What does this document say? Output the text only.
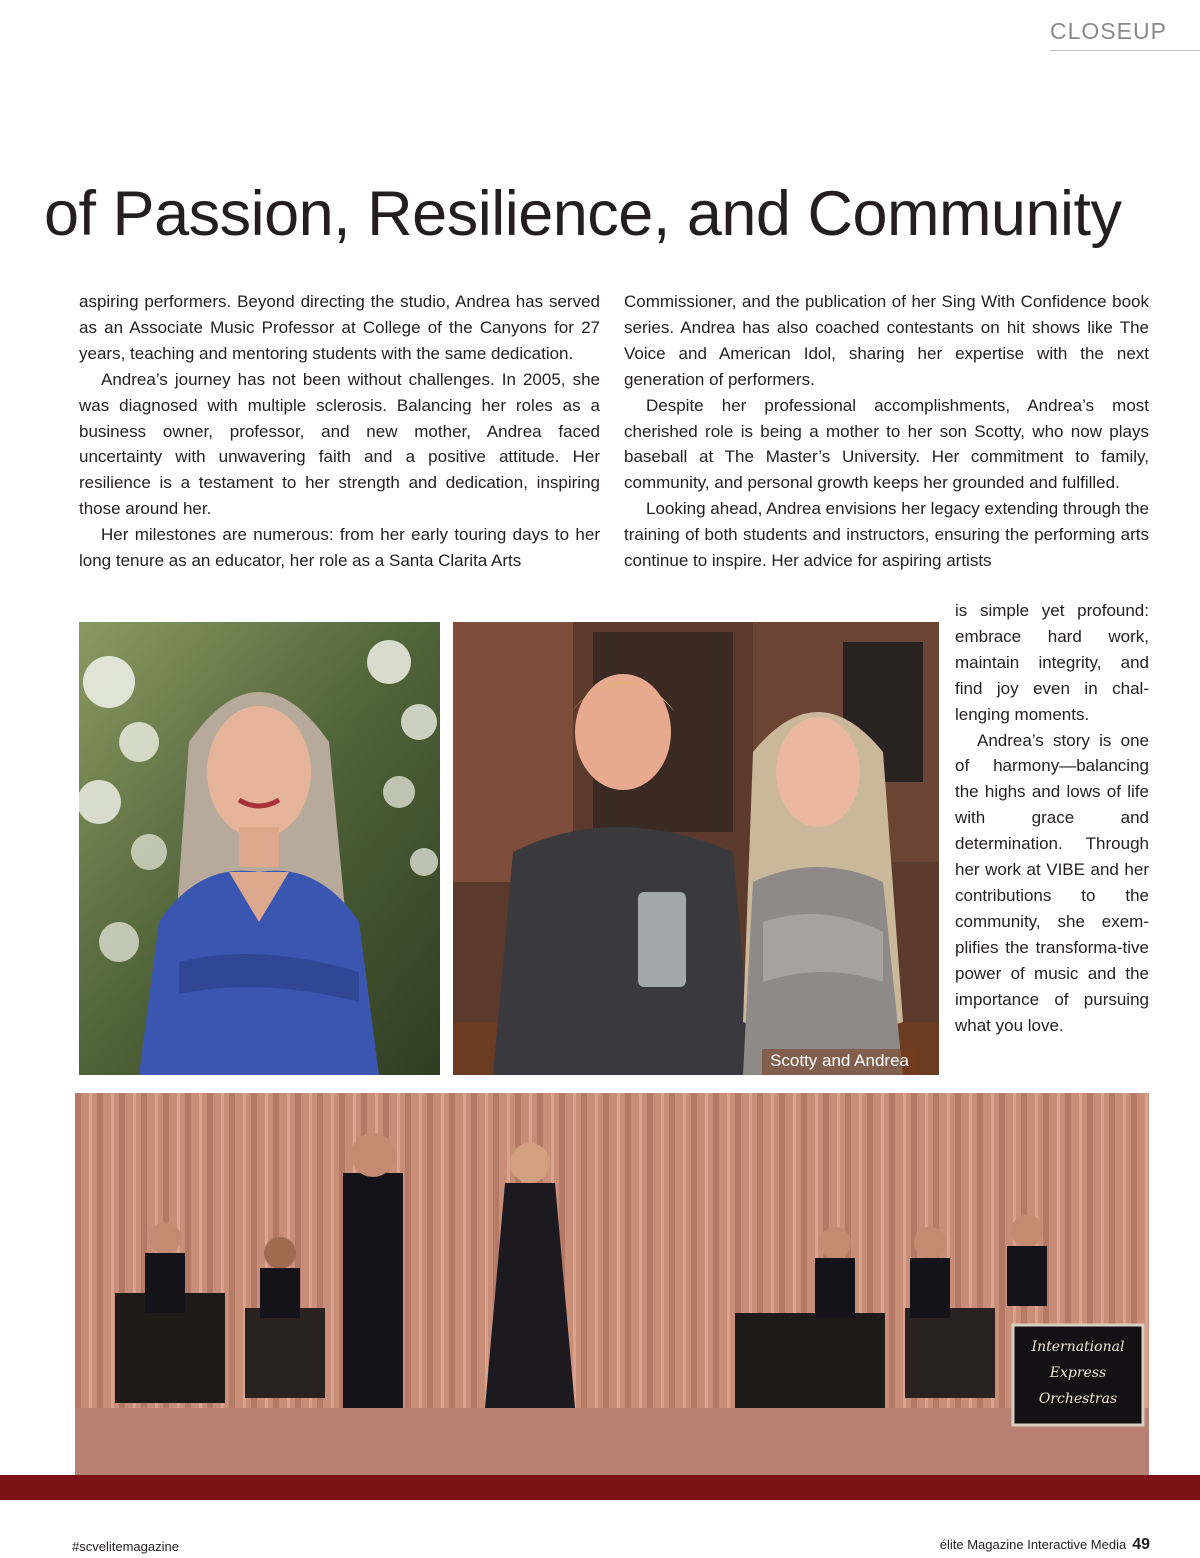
CLOSEUP
of Passion, Resilience, and Community

aspiring performers. Beyond directing the studio, Andrea has served as an Associate Music Professor at College of the Canyons for 27 years, teaching and mentoring students with the same dedication.

Andrea’s journey has not been without challenges. In 2005, she was diagnosed with multiple sclerosis. Balancing her roles as a business owner, professor, and new mother, Andrea faced uncertainty with unwavering faith and a positive attitude. Her resilience is a testament to her strength and dedication, inspiring those around her.

Her milestones are numerous: from her early touring days to her long tenure as an educator, her role as a Santa Clarita Arts

Commissioner, and the publication of her Sing With Confidence book series. Andrea has also coached contestants on hit shows like The Voice and American Idol, sharing her expertise with the next generation of performers.

Despite her professional accomplishments, Andrea’s most cherished role is being a mother to her son Scotty, who now plays baseball at The Master’s University. Her commitment to family, community, and personal growth keeps her grounded and fulfilled.

Looking ahead, Andrea envisions her legacy extending through the training of both students and instructors, ensuring the performing arts continue to inspire. Her advice for aspiring artists

is simple yet profound: embrace hard work, maintain integrity, and find joy even in chal-lenging moments.

Andrea’s story is one of harmony—balancing the highs and lows of life with grace and determination. Through her work at VIBE and her contributions to the community, she exem-plifies the transforma-tive power of music and the importance of pursuing what you love.

Scotty and Andrea
International
Express
Orchestras
#scvelitemagazine	élite Magazine Interactive Media 49
